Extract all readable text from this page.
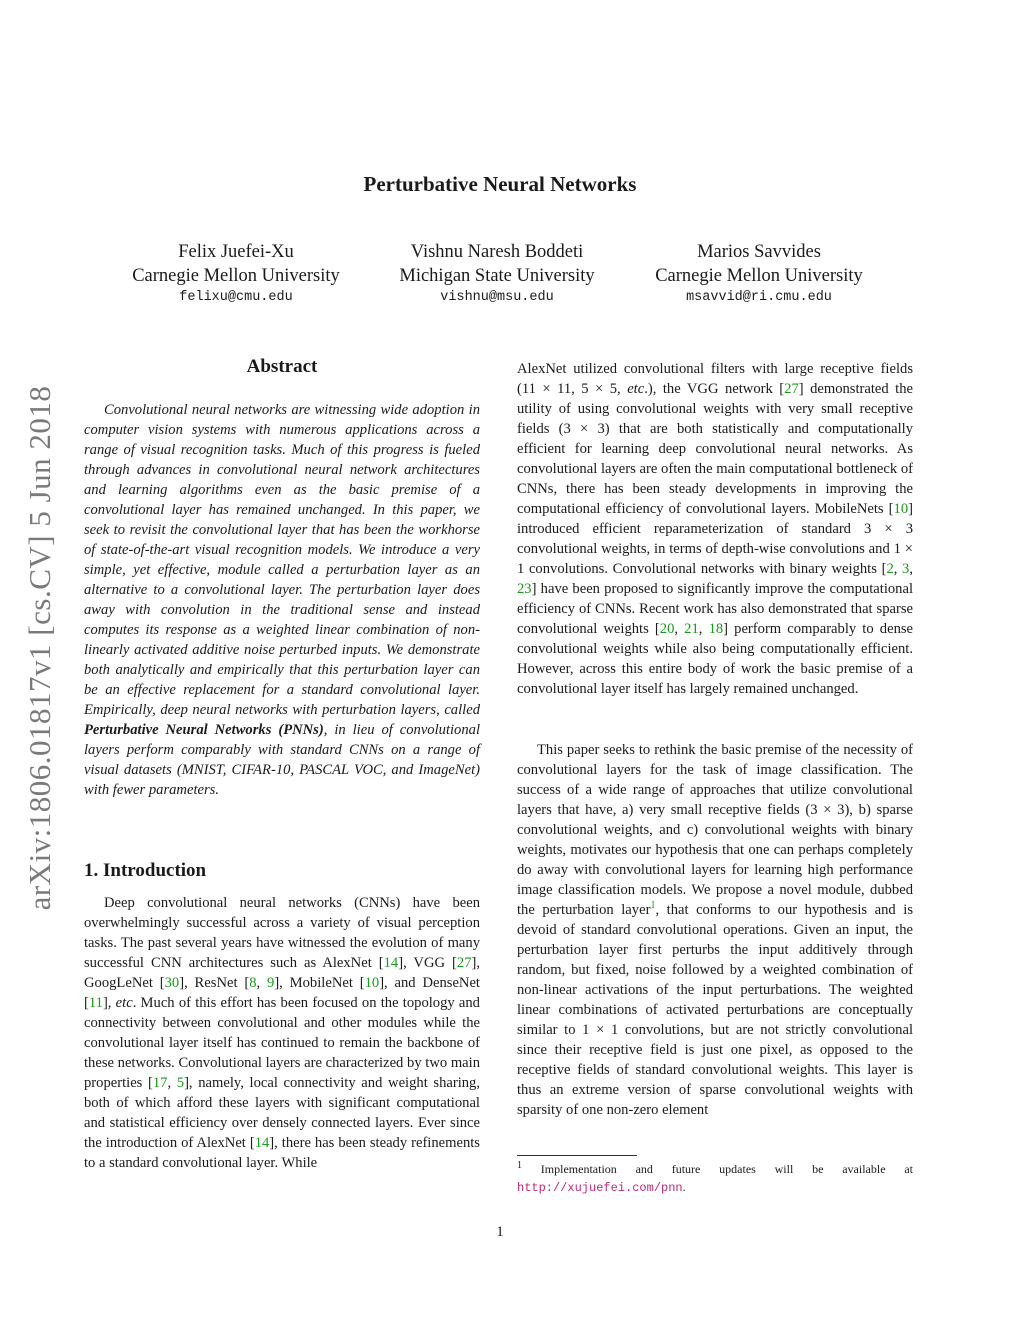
Perturbative Neural Networks
Felix Juefei-Xu
Carnegie Mellon University
felixu@cmu.edu
Vishnu Naresh Boddeti
Michigan State University
vishnu@msu.edu
Marios Savvides
Carnegie Mellon University
msavvid@ri.cmu.edu
arXiv:1806.01817v1 [cs.CV] 5 Jun 2018
Abstract
Convolutional neural networks are witnessing wide adoption in computer vision systems with numerous applications across a range of visual recognition tasks. Much of this progress is fueled through advances in convolutional neural network architectures and learning algorithms even as the basic premise of a convolutional layer has remained unchanged. In this paper, we seek to revisit the convolutional layer that has been the workhorse of state-of-the-art visual recognition models. We introduce a very simple, yet effective, module called a perturbation layer as an alternative to a convolutional layer. The perturbation layer does away with convolution in the traditional sense and instead computes its response as a weighted linear combination of non-linearly activated additive noise perturbed inputs. We demonstrate both analytically and empirically that this perturbation layer can be an effective replacement for a standard convolutional layer. Empirically, deep neural networks with perturbation layers, called Perturbative Neural Networks (PNNs), in lieu of convolutional layers perform comparably with standard CNNs on a range of visual datasets (MNIST, CIFAR-10, PASCAL VOC, and ImageNet) with fewer parameters.
1. Introduction
Deep convolutional neural networks (CNNs) have been overwhelmingly successful across a variety of visual perception tasks. The past several years have witnessed the evolution of many successful CNN architectures such as AlexNet [14], VGG [27], GoogLeNet [30], ResNet [8, 9], MobileNet [10], and DenseNet [11], etc. Much of this effort has been focused on the topology and connectivity between convolutional and other modules while the convolutional layer itself has continued to remain the backbone of these networks. Convolutional layers are characterized by two main properties [17, 5], namely, local connectivity and weight sharing, both of which afford these layers with significant computational and statistical efficiency over densely connected layers. Ever since the introduction of AlexNet [14], there has been steady refinements to a standard convolutional layer. While
AlexNet utilized convolutional filters with large receptive fields (11 × 11, 5 × 5, etc.), the VGG network [27] demonstrated the utility of using convolutional weights with very small receptive fields (3 × 3) that are both statistically and computationally efficient for learning deep convolutional neural networks. As convolutional layers are often the main computational bottleneck of CNNs, there has been steady developments in improving the computational efficiency of convolutional layers. MobileNets [10] introduced efficient reparameterization of standard 3 × 3 convolutional weights, in terms of depth-wise convolutions and 1 × 1 convolutions. Convolutional networks with binary weights [2, 3, 23] have been proposed to significantly improve the computational efficiency of CNNs. Recent work has also demonstrated that sparse convolutional weights [20, 21, 18] perform comparably to dense convolutional weights while also being computationally efficient. However, across this entire body of work the basic premise of a convolutional layer itself has largely remained unchanged.
This paper seeks to rethink the basic premise of the necessity of convolutional layers for the task of image classification. The success of a wide range of approaches that utilize convolutional layers that have, a) very small receptive fields (3 × 3), b) sparse convolutional weights, and c) convolutional weights with binary weights, motivates our hypothesis that one can perhaps completely do away with convolutional layers for learning high performance image classification models. We propose a novel module, dubbed the perturbation layer$^1$, that conforms to our hypothesis and is devoid of standard convolutional operations. Given an input, the perturbation layer first perturbs the input additively through random, but fixed, noise followed by a weighted combination of non-linear activations of the input perturbations. The weighted linear combinations of activated perturbations are conceptually similar to 1 × 1 convolutions, but are not strictly convolutional since their receptive field is just one pixel, as opposed to the receptive fields of standard convolutional weights. This layer is thus an extreme version of sparse convolutional weights with sparsity of one non-zero element
$^1$ Implementation and future updates will be available at http://xujuefei.com/pnn.
1
